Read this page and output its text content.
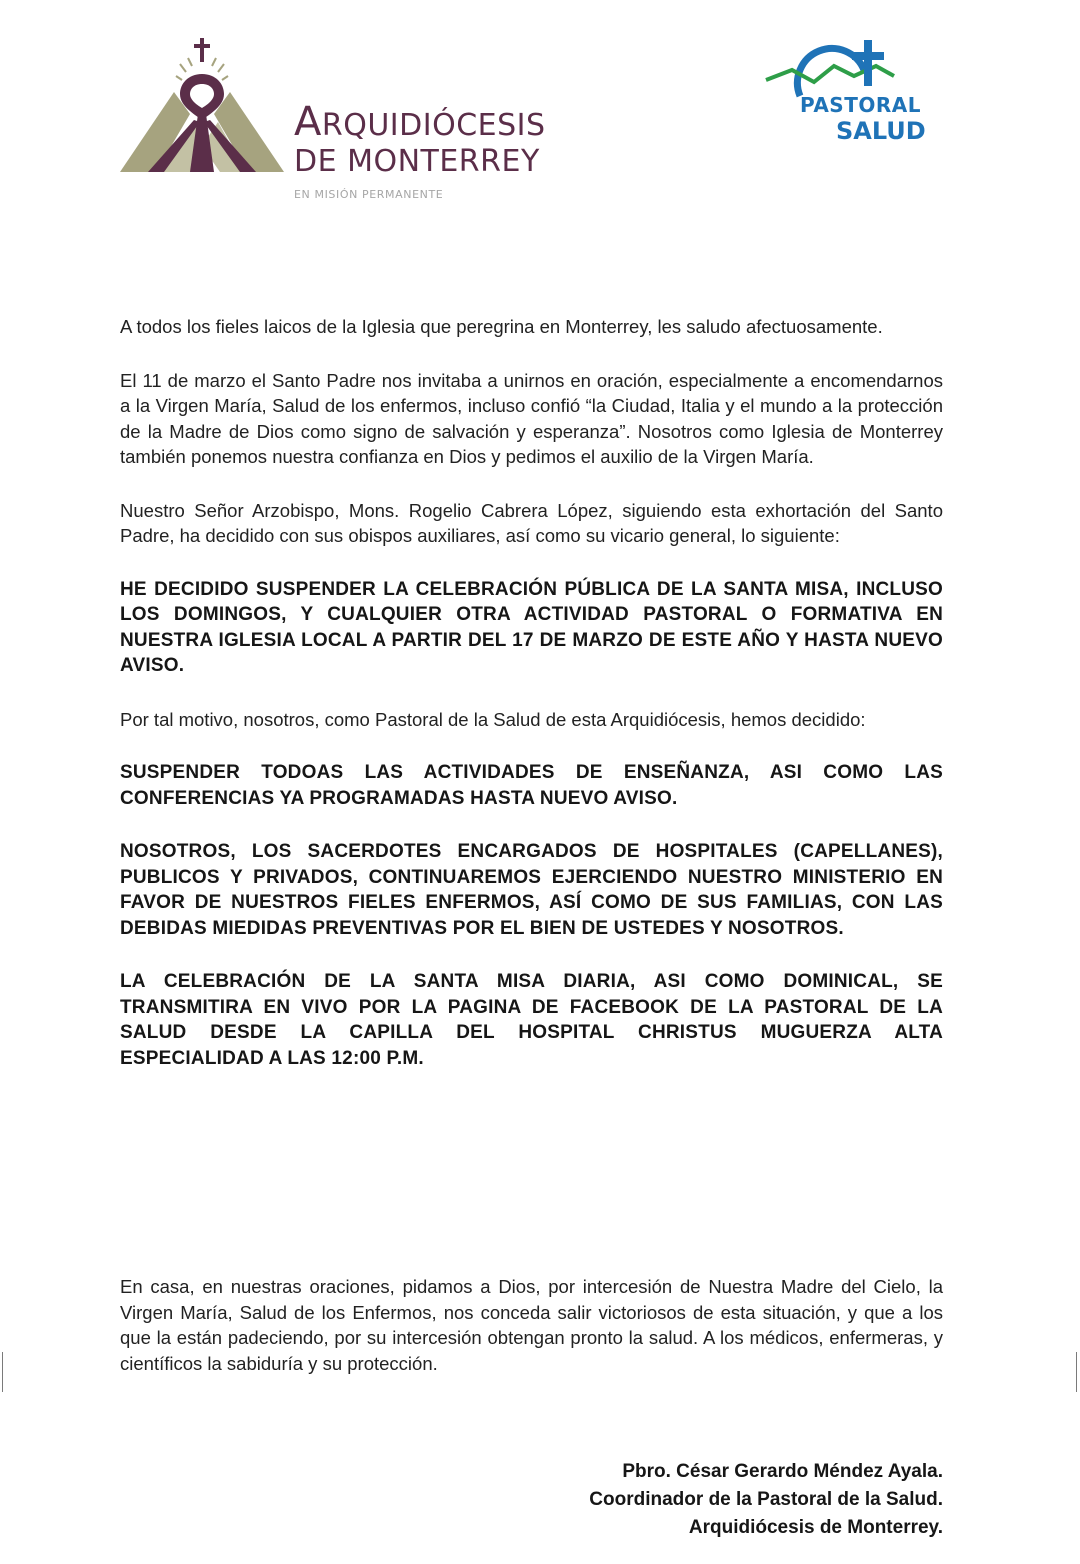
ARQUIDIÓCESIS
DE MONTERREY
EN MISIÓN PERMANENTE
PASTORAL
SALUD

A todos los fieles laicos de la Iglesia que peregrina en Monterrey, les saludo afectuosamente.

El 11 de marzo el Santo Padre nos invitaba a unirnos en oración, especialmente a encomendarnos a la Virgen María, Salud de los enfermos, incluso confió “la Ciudad, Italia y el mundo a la protección de la Madre de Dios como signo de salvación y esperanza”. Nosotros como Iglesia de Monterrey también ponemos nuestra confianza en Dios y pedimos el auxilio de la Virgen María.

Nuestro Señor Arzobispo, Mons. Rogelio Cabrera López, siguiendo esta exhortación del Santo Padre, ha decidido con sus obispos auxiliares, así como su vicario general, lo siguiente:

HE DECIDIDO SUSPENDER LA CELEBRACIÓN PÚBLICA DE LA SANTA MISA, INCLUSO LOS DOMINGOS, Y CUALQUIER OTRA ACTIVIDAD PASTORAL O FORMATIVA EN NUESTRA IGLESIA LOCAL A PARTIR DEL 17 DE MARZO DE ESTE AÑO Y HASTA NUEVO AVISO.

Por tal motivo, nosotros, como Pastoral de la Salud de esta Arquidiócesis, hemos decidido:

SUSPENDER TODOAS LAS ACTIVIDADES DE ENSEÑANZA, ASI COMO LAS CONFERENCIAS YA PROGRAMADAS HASTA NUEVO AVISO.

NOSOTROS, LOS SACERDOTES ENCARGADOS DE HOSPITALES (CAPELLANES), PUBLICOS Y PRIVADOS, CONTINUAREMOS EJERCIENDO NUESTRO MINISTERIO EN FAVOR DE NUESTROS FIELES ENFERMOS, ASÍ COMO DE SUS FAMILIAS, CON LAS DEBIDAS MIEDIDAS PREVENTIVAS POR EL BIEN DE USTEDES Y NOSOTROS.

LA CELEBRACIÓN DE LA SANTA MISA DIARIA, ASI COMO DOMINICAL, SE TRANSMITIRA EN VIVO POR LA PAGINA DE FACEBOOK DE LA PASTORAL DE LA SALUD DESDE LA CAPILLA DEL HOSPITAL CHRISTUS MUGUERZA ALTA ESPECIALIDAD A LAS 12:00 P.M.

En casa, en nuestras oraciones, pidamos a Dios, por intercesión de Nuestra Madre del Cielo, la Virgen María, Salud de los Enfermos, nos conceda salir victoriosos de esta situación, y que a los que la están padeciendo, por su intercesión obtengan pronto la salud. A los médicos, enfermeras, y científicos la sabiduría y su protección.

Pbro. César Gerardo Méndez Ayala.
Coordinador de la Pastoral de la Salud.
Arquidiócesis de Monterrey.
